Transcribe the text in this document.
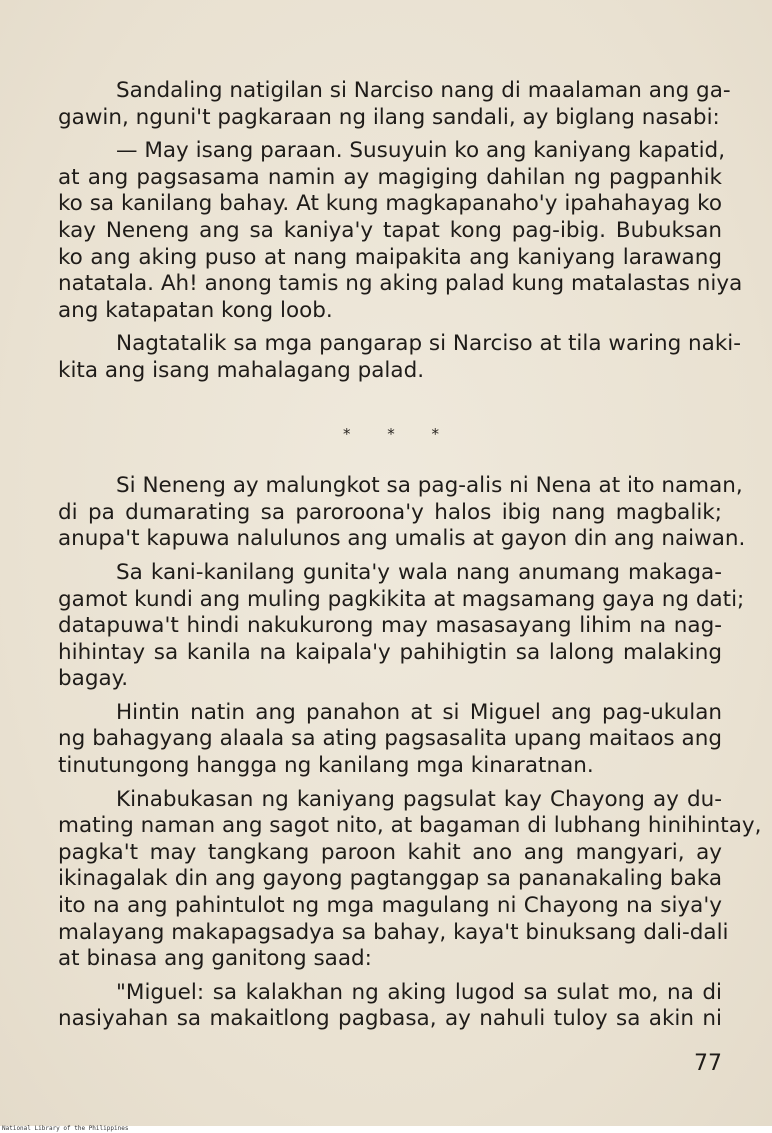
Sandaling natigilan si Narciso nang di maalaman ang ga-
gawin, nguni't pagkaraan ng ilang sandali, ay biglang nasabi:

— May isang paraan. Susuyuin ko ang kaniyang kapatid,
at ang pagsasama namin ay magiging dahilan ng pagpanhik
ko sa kanilang bahay. At kung magkapanaho'y ipahahayag ko
kay Neneng ang sa kaniya'y tapat kong pag-ibig. Bubuksan
ko ang aking puso at nang maipakita ang kaniyang larawang
natatala. Ah! anong tamis ng aking palad kung matalastas niya
ang katapatan kong loob.

Nagtatalik sa mga pangarap si Narciso at tila waring naki-
kita ang isang mahalagang palad.

* * *

Si Neneng ay malungkot sa pag-alis ni Nena at ito naman,
di pa dumarating sa paroroona'y halos ibig nang magbalik;
anupa't kapuwa nalulunos ang umalis at gayon din ang naiwan.

Sa kani-kanilang gunita'y wala nang anumang makaga-
gamot kundi ang muling pagkikita at magsamang gaya ng dati;
datapuwa't hindi nakukurong may masasayang lihim na nag-
hihintay sa kanila na kaipala'y pahihigtin sa lalong malaking
bagay.

Hintin natin ang panahon at si Miguel ang pag-ukulan
ng bahagyang alaala sa ating pagsasalita upang maitaos ang
tinutungong hangga ng kanilang mga kinaratnan.

Kinabukasan ng kaniyang pagsulat kay Chayong ay du-
mating naman ang sagot nito, at bagaman di lubhang hinihintay,
pagka't may tangkang paroon kahit ano ang mangyari, ay
ikinagalak din ang gayong pagtanggap sa pananakaling baka
ito na ang pahintulot ng mga magulang ni Chayong na siya'y
malayang makapagsadya sa bahay, kaya't binuksang dali-dali
at binasa ang ganitong saad:

"Miguel: sa kalakhan ng aking lugod sa sulat mo, na di
nasiyahan sa makaitlong pagbasa, ay nahuli tuloy sa akin ni

77
National Library of the Philippines
